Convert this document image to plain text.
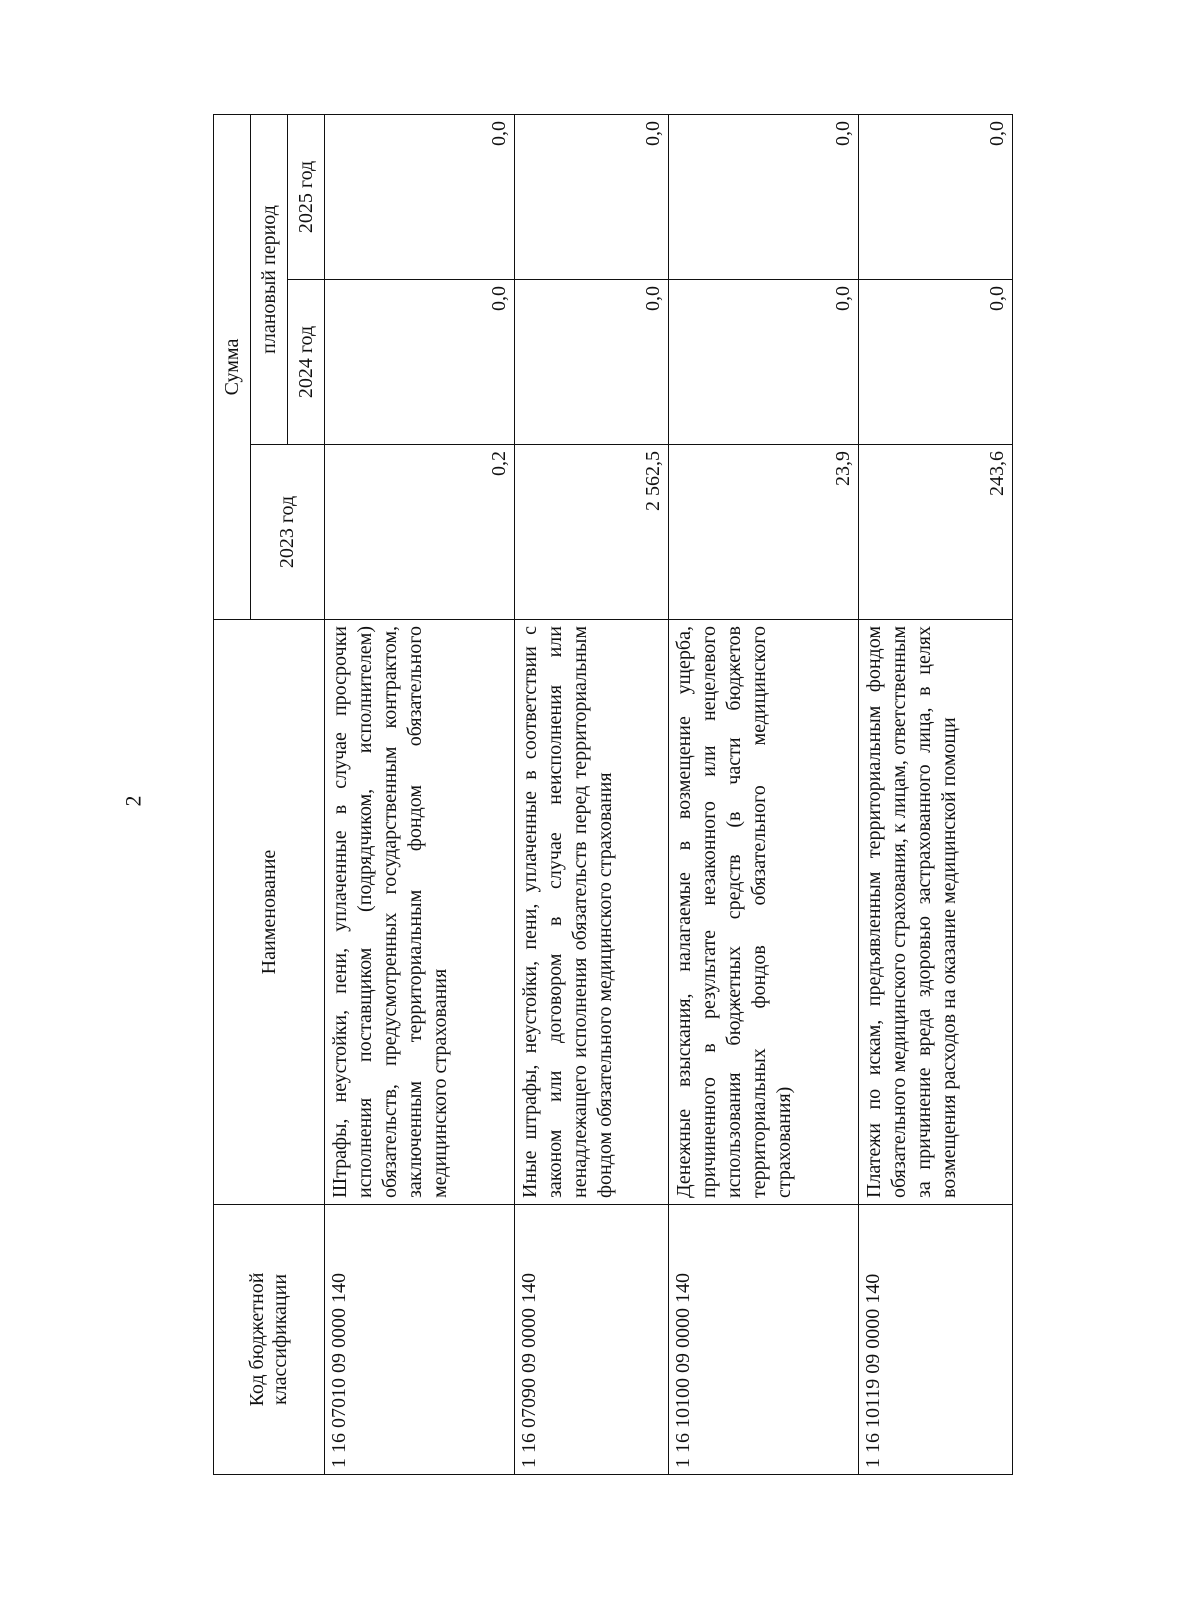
2
Код бюджетной классификации	Наименование	Сумма		
		2023 год	плановый период	
			2024 год	2025 год
1 16 07010 09 0000 140	Штрафы, неустойки, пени, уплаченные в случае просрочки исполнения поставщиком (подрядчиком, исполнителем) обязательств, предусмотренных государственным контрактом, заключенным территориальным фондом обязательного медицинского страхования	0,2	0,0	0,0
1 16 07090 09 0000 140	Иные штрафы, неустойки, пени, уплаченные в соответствии с законом или договором в случае неисполнения или ненадлежащего исполнения обязательств перед территориальным фондом обязательного медицинского страхования	2 562,5	0,0	0,0
1 16 10100 09 0000 140	Денежные взыскания, налагаемые в возмещение ущерба, причиненного в результате незаконного или нецелевого использования бюджетных средств (в части бюджетов территориальных фондов обязательного медицинского страхования)	23,9	0,0	0,0
1 16 10119 09 0000 140	Платежи по искам, предъявленным территориальным фондом обязательного медицинского страхования, к лицам, ответственным за причинение вреда здоровью застрахованного лица, в целях возмещения расходов на оказание медицинской помощи	243,6	0,0	0,0
